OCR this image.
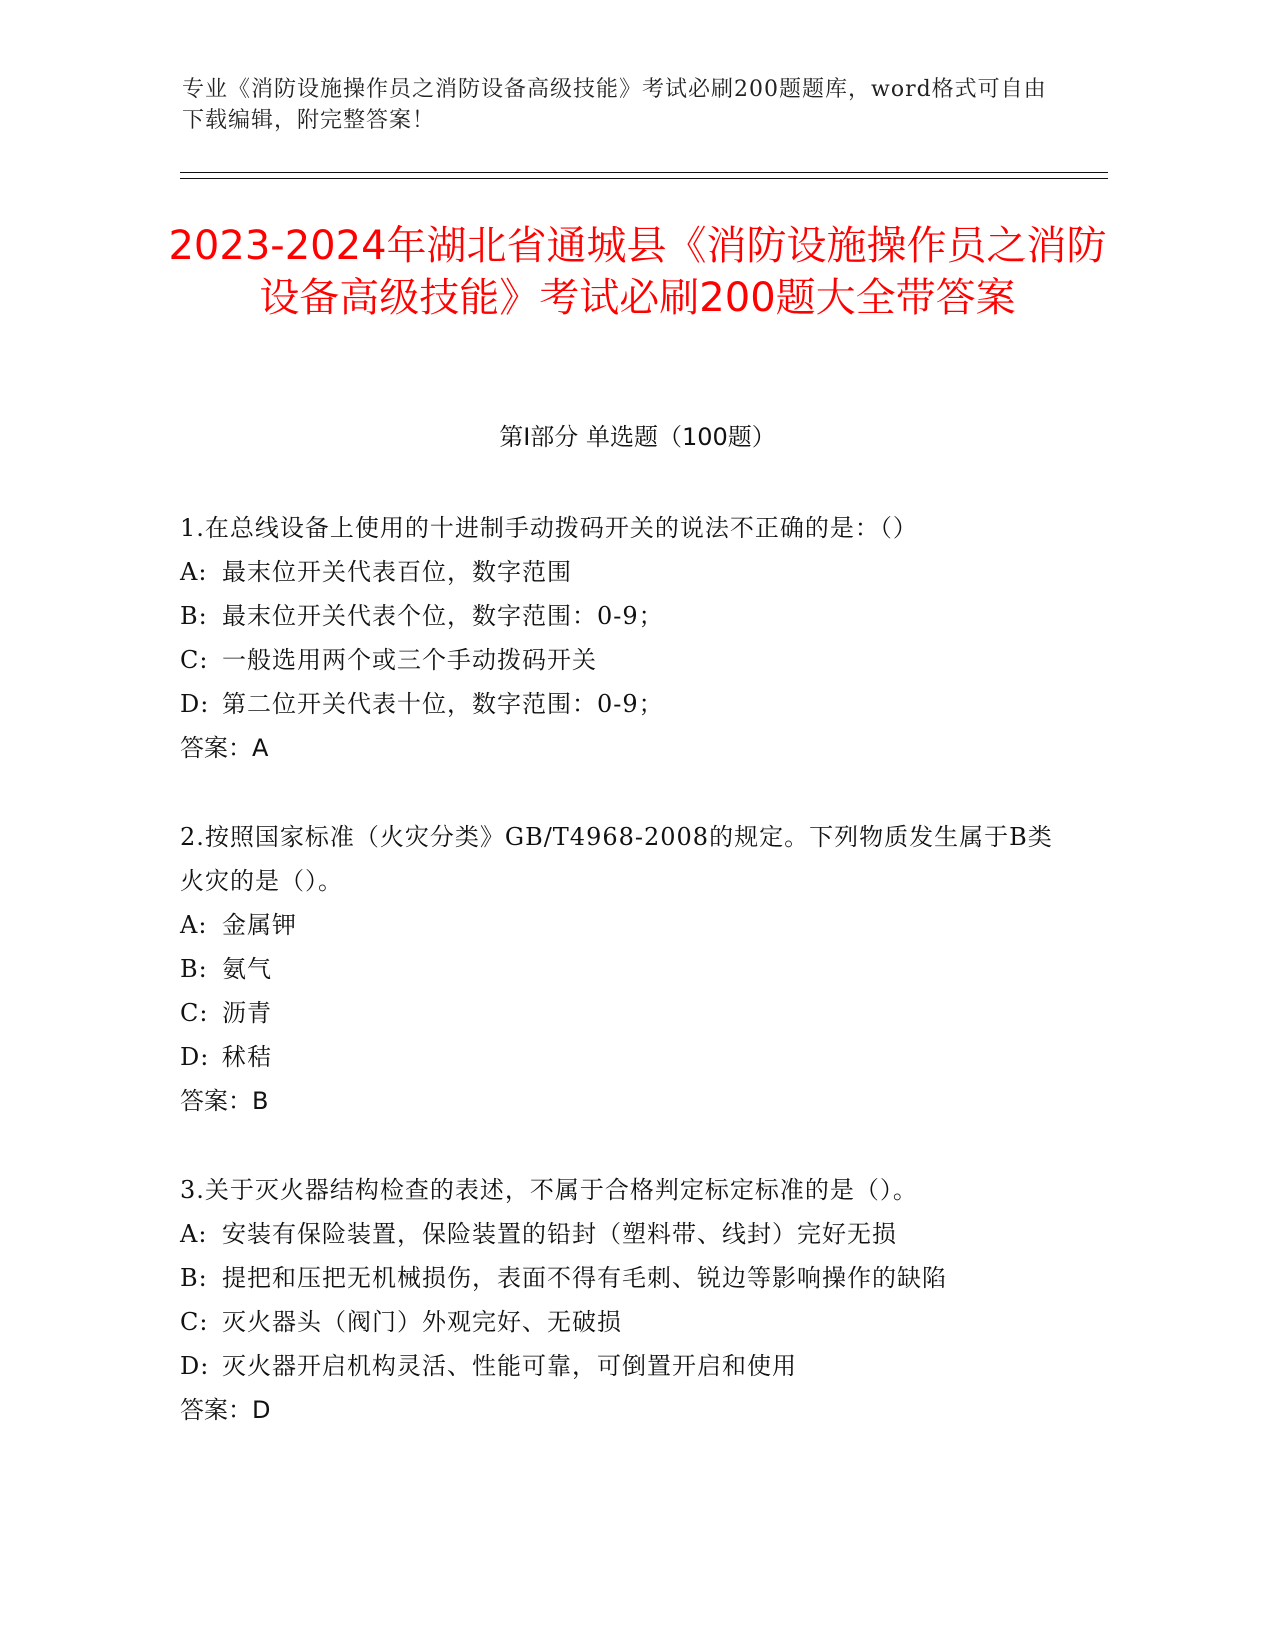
专业《消防设施操作员之消防设备高级技能》考试必刷200题题库，word格式可自由下载编辑，附完整答案！
2023-2024年湖北省通城县《消防设施操作员之消防设备高级技能》考试必刷200题大全带答案
第Ⅰ部分 单选题（100题）
1.在总线设备上使用的十进制手动拨码开关的说法不正确的是：（）
A: 最末位开关代表百位，数字范围
B: 最末位开关代表个位，数字范围：0-9；
C: 一般选用两个或三个手动拨码开关
D: 第二位开关代表十位，数字范围：0-9；
答案：A
2.按照国家标准（火灾分类》GB/T4968-2008的规定。下列物质发生属于B类火灾的是（）。
A: 金属钾
B: 氨气
C: 沥青
D: 秫秸
答案：B
3.关于灭火器结构检查的表述，不属于合格判定标定标准的是（）。
A: 安装有保险装置，保险装置的铅封（塑料带、线封）完好无损
B: 提把和压把无机械损伤，表面不得有毛刺、锐边等影响操作的缺陷
C: 灭火器头（阀门）外观完好、无破损
D: 灭火器开启机构灵活、性能可靠，可倒置开启和使用
答案：D
